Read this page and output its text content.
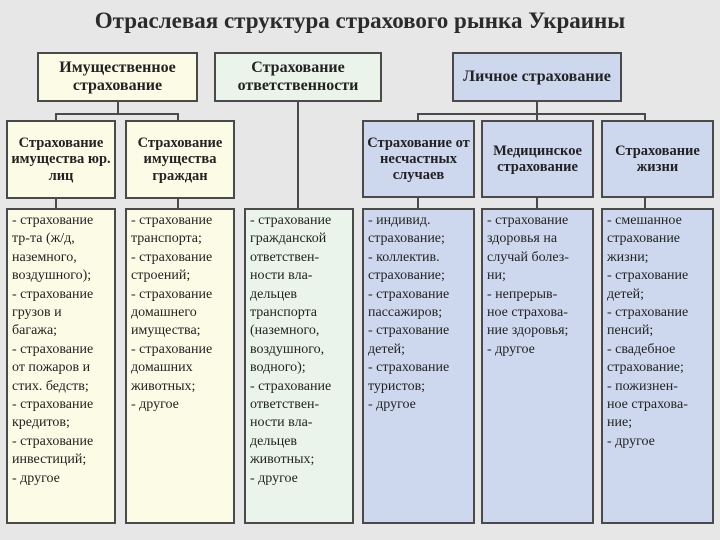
Отраслевая структура страхового рынка Украины
Имущественное страхование
Страхование ответственности
Личное страхование
Страхование имущества юр. лиц
Страхование имущества граждан
Страхование от несчастных случаев
Медицинское страхование
Страхование жизни
- страхование
тр-та (ж/д,
наземного,
воздушного);
- страхование
грузов и
багажа;
- страхование
от пожаров и
стих. бедств;
- страхование
кредитов;
- страхование
инвестиций;
- другое
- страхование
транспорта;
- страхование
строений;
- страхование
домашнего
имущества;
- страхование
домашних
животных;
- другое
- страхование
гражданской
ответствен-
ности вла-
дельцев
транспорта
(наземного,
воздушного,
водного);
- страхование
ответствен-
ности вла-
дельцев
животных;
- другое
- индивид.
страхование;
- коллектив.
страхование;
- страхование
пассажиров;
- страхование
детей;
- страхование
туристов;
- другое
- страхование
здоровья на
случай болез-
ни;
- непрерыв-
ное страхова-
ние здоровья;
- другое
- смешанное
страхование
жизни;
- страхование
детей;
- страхование
пенсий;
- свадебное
страхование;
- пожизнен-
ное страхова-
ние;
- другое
